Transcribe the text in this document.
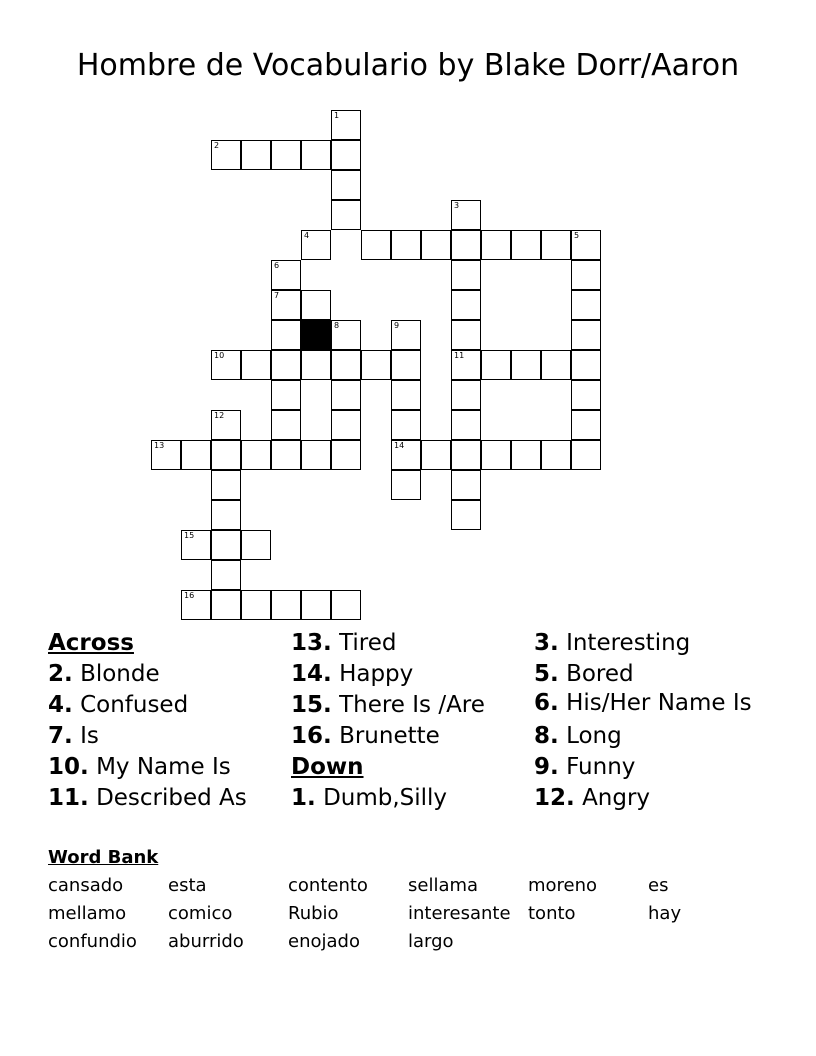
Hombre de Vocabulario by Blake Dorr/Aaron
1
2
3
4	5
6
7
8	9
10	11
12
13	14
15
16
Across
2. Blonde
4. Confused
7. Is
10. My Name Is
11. Described As
13. Tired
14. Happy
15. There Is /Are
16. Brunette
Down
1. Dumb,Silly
3. Interesting
5. Bored
6. His/Her Name Is
8. Long
9. Funny
12. Angry
Word Bank
cansado	esta	contento	sellama	moreno	es
mellamo	comico	Rubio	interesante	tonto	hay
confundio	aburrido	enojado	largo		
